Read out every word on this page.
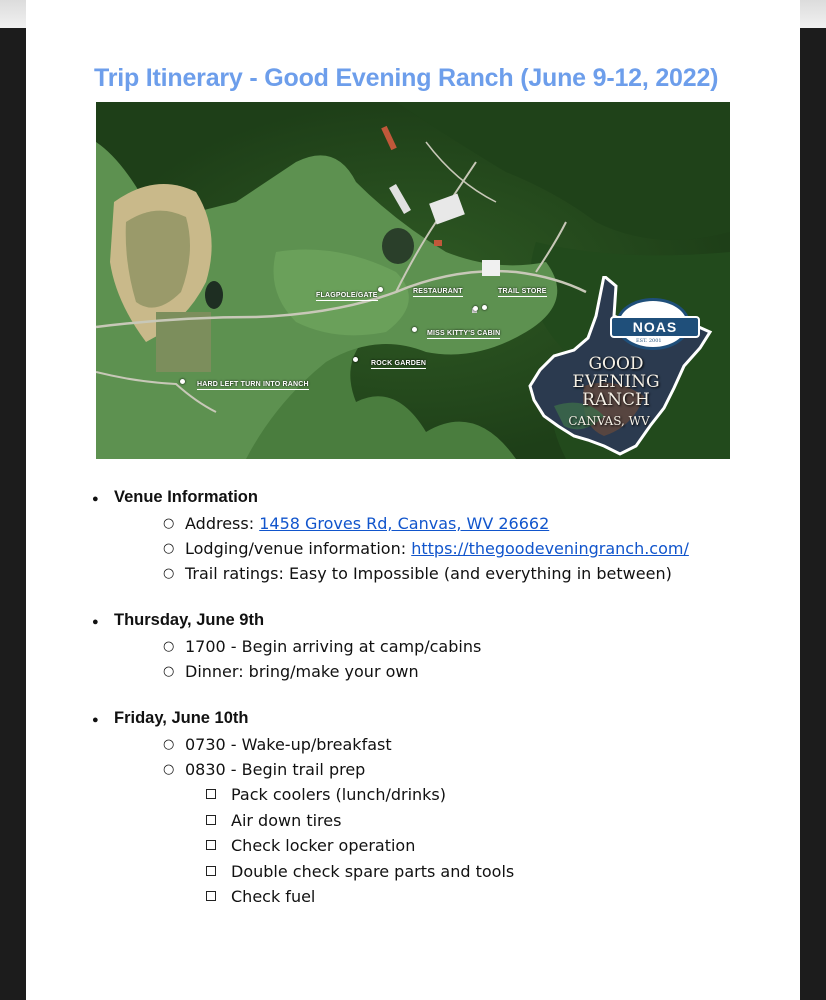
Trip Itinerary - Good Evening Ranch (June 9-12, 2022)
FLAGPOLE/GATE
RESTAURANT	TRAIL STORE
MISS KITTY'S CABIN
ROCK GARDEN
HARD LEFT TURN INTO RANCH
NOAS
EST. 2001
GOOD
EVENING
RANCH
CANVAS, WV
● Venue Information
○ Address: 1458 Groves Rd, Canvas, WV 26662
○ Lodging/venue information: https://thegoodeveningranch.com/
○ Trail ratings: Easy to Impossible (and everything in between)
● Thursday, June 9th
○ 1700 - Begin arriving at camp/cabins
○ Dinner: bring/make your own
● Friday, June 10th
○ 0730 - Wake-up/breakfast
○ 0830 - Begin trail prep
Pack coolers (lunch/drinks)
Air down tires
Check locker operation
Double check spare parts and tools
Check fuel
